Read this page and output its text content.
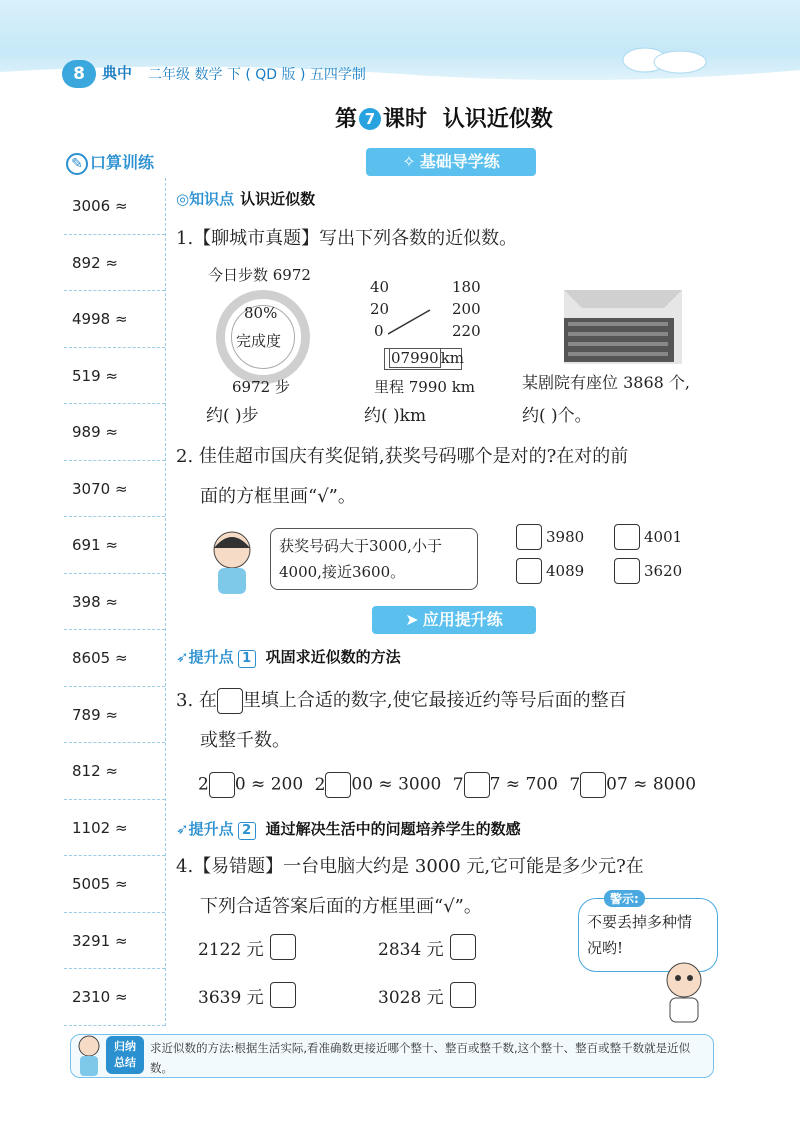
8	典中 二年级 数学 下 ( QD 版 ) 五四学制
第 7 课时 认识近似数
✎ 口算训练
3006 ≈
892 ≈
4998 ≈
519 ≈
989 ≈
3070 ≈
691 ≈
398 ≈
8605 ≈
789 ≈
812 ≈
1102 ≈
5005 ≈
3291 ≈
2310 ≈
✧ 基础导学练
◎知识点 认识近似数
1.【聊城市真题】写出下列各数的近似数。
今日步数 6972
80%
完成度
6972 步
40	180
20	200
0	220
07990 km
里程 7990 km	某剧院有座位 3868 个,
约( )步	约( )km	约( )个。
2. 佳佳超市国庆有奖促销,获奖号码哪个是对的?在对的前
面的方框里画“√”。
获奖号码大于3000,小于
4000,接近3600。
3980	4001
4089	3620
➤ 应用提升练
➶提升点 1 巩固求近似数的方法
3. 在 里填上合适的数字,使它最接近约等号后面的整百
或整千数。
2 0 ≈ 200 2 00 ≈ 3000 7 7 ≈ 700 7 07 ≈ 8000
➶提升点 2 通过解决生活中的问题培养学生的数感
4.【易错题】一台电脑大约是 3000 元,它可能是多少元?在
下列合适答案后面的方框里画“√”。
2122 元	2834 元
3639 元	3028 元
不要丢掉多种情
况哟!
警示:
归纳
总结
求近似数的方法:根据生活实际,看准确数更接近哪个整十、整百或整千数,这个整十、整百或整千数就是近似数。
